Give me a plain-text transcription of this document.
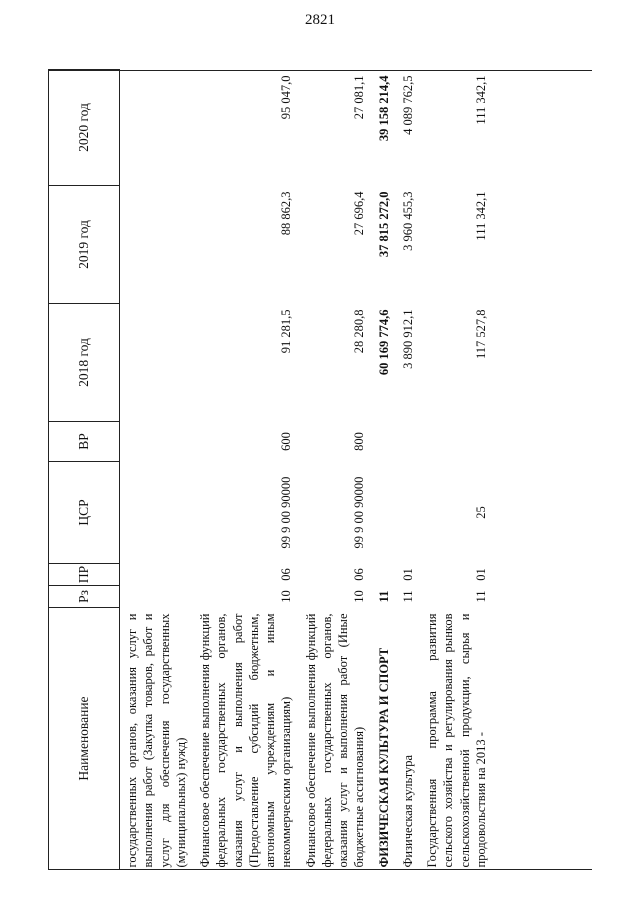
2821
Наименование	Рз	ПР	ЦСР	ВР	2018 год	2019 год	2020 год
государственных органов, оказания услуг и выполнения работ (Закупка товаров, работ и услуг для обеспечения государственных (муниципальных) нужд)							
Финансовое обеспечение выполнения функций федеральных государственных органов, оказания услуг и выполнения работ (Предоставление субсидий бюджетным, автономным учреждениям и иным некоммерческим организациям)	10	06	99 9 00 90000	600	91 281,5	88 862,3	95 047,0
Финансовое обеспечение выполнения функций федеральных государственных органов, оказания услуг и выполнения работ (Иные бюджетные ассигнования)	10	06	99 9 00 90000	800	28 280,8	27 696,4	27 081,1
ФИЗИЧЕСКАЯ КУЛЬТУРА И СПОРТ	11				60 169 774,6	37 815 272,0	39 158 214,4
Физическая культура	11	01			3 890 912,1	3 960 455,3	4 089 762,5
Государственная программа развития сельского хозяйства и регулирования рынков сельскохозяйственной продукции, сырья и продовольствия на 2013 -	11	01	25		117 527,8	111 342,1	111 342,1
